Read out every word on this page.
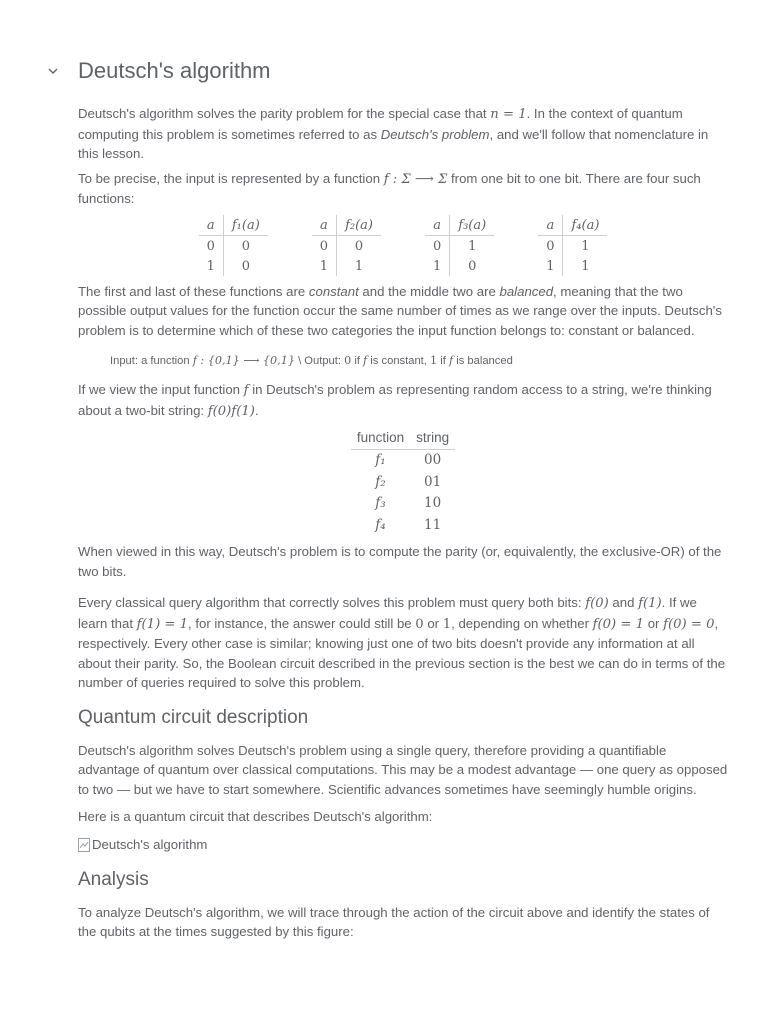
Deutsch's algorithm

Deutsch's algorithm solves the parity problem for the special case that n = 1. In the context of quantum computing this problem is sometimes referred to as Deutsch's problem, and we'll follow that nomenclature in this lesson.

To be precise, the input is represented by a function f : Σ ⟶ Σ from one bit to one bit. There are four such functions:

a	f₁(a)
0	0
1	0
a	f₂(a)
0	0
1	1
a	f₃(a)
0	1
1	0
a	f₄(a)
0	1
1	1

The first and last of these functions are constant and the middle two are balanced, meaning that the two possible output values for the function occur the same number of times as we range over the inputs. Deutsch's problem is to determine which of these two categories the input function belongs to: constant or balanced.

Input: a function f : {0,1} ⟶ {0,1} \ Output: 0 if f is constant, 1 if f is balanced

If we view the input function f in Deutsch's problem as representing random access to a string, we're thinking about a two-bit string: f(0)f(1).

function	string
f₁	00
f₂	01
f₃	10
f₄	11

When viewed in this way, Deutsch's problem is to compute the parity (or, equivalently, the exclusive-OR) of the two bits.

Every classical query algorithm that correctly solves this problem must query both bits: f(0) and f(1). If we learn that f(1) = 1, for instance, the answer could still be 0 or 1, depending on whether f(0) = 1 or f(0) = 0, respectively. Every other case is similar; knowing just one of two bits doesn't provide any information at all about their parity. So, the Boolean circuit described in the previous section is the best we can do in terms of the number of queries required to solve this problem.

Quantum circuit description

Deutsch's algorithm solves Deutsch's problem using a single query, therefore providing a quantifiable advantage of quantum over classical computations. This may be a modest advantage — one query as opposed to two — but we have to start somewhere. Scientific advances sometimes have seemingly humble origins.

Here is a quantum circuit that describes Deutsch's algorithm:

Deutsch's algorithm
Analysis

To analyze Deutsch's algorithm, we will trace through the action of the circuit above and identify the states of the qubits at the times suggested by this figure:
